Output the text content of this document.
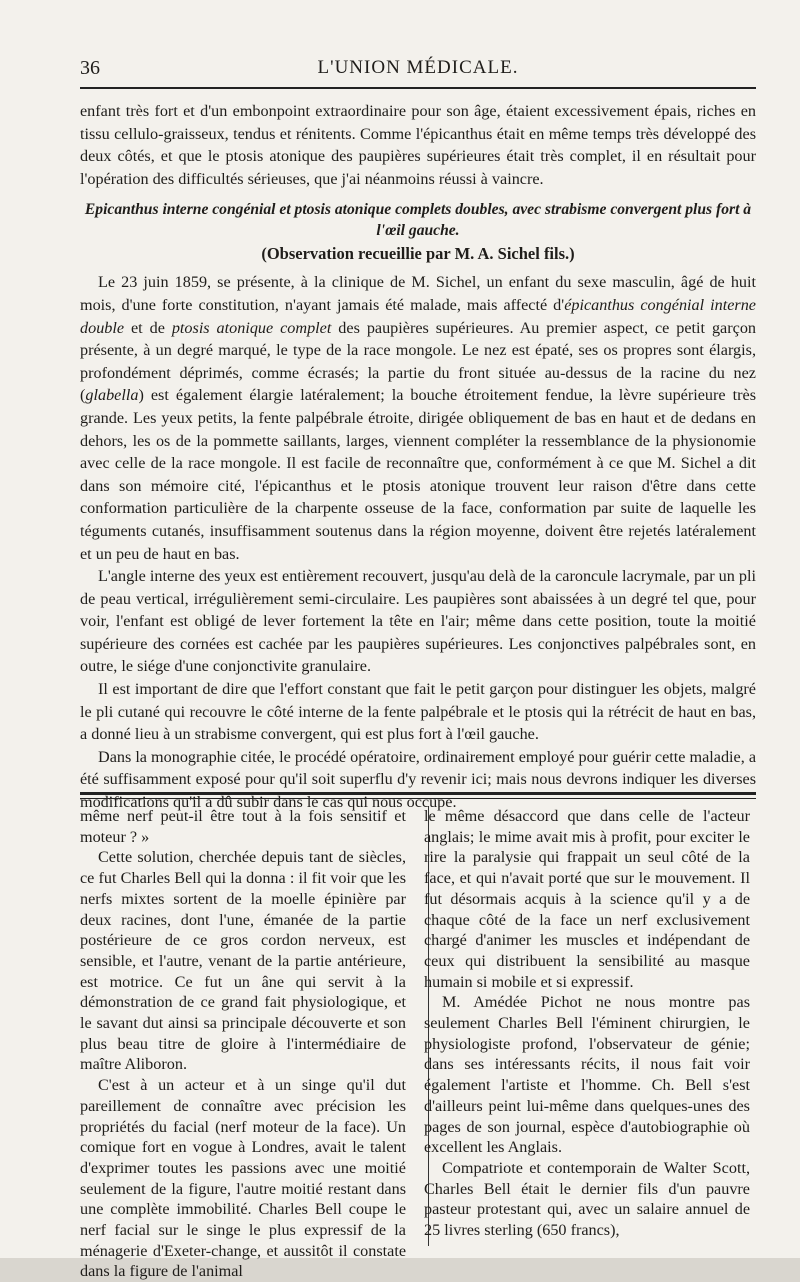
36	L'UNION MÉDICALE.

enfant très fort et d'un embonpoint extraordinaire pour son âge, étaient excessivement épais, riches en tissu cellulo-graisseux, tendus et rénitents. Comme l'épicanthus était en même temps très développé des deux côtés, et que le ptosis atonique des paupières supérieures était très complet, il en résultait pour l'opération des difficultés sérieuses, que j'ai néanmoins réussi à vaincre.

Epicanthus interne congénial et ptosis atonique complets doubles, avec strabisme convergent plus fort à l'œil gauche.

(Observation recueillie par M. A. Sichel fils.)

Le 23 juin 1859, se présente, à la clinique de M. Sichel, un enfant du sexe masculin, âgé de huit mois, d'une forte constitution, n'ayant jamais été malade, mais affecté d'épicanthus congénial interne double et de ptosis atonique complet des paupières supérieures. Au premier aspect, ce petit garçon présente, à un degré marqué, le type de la race mongole. Le nez est épaté, ses os propres sont élargis, profondément déprimés, comme écrasés; la partie du front située au-dessus de la racine du nez (glabella) est également élargie latéralement; la bouche étroitement fendue, la lèvre supérieure très grande. Les yeux petits, la fente palpébrale étroite, dirigée obliquement de bas en haut et de dedans en dehors, les os de la pommette saillants, larges, viennent compléter la ressemblance de la physionomie avec celle de la race mongole. Il est facile de reconnaître que, conformément à ce que M. Sichel a dit dans son mémoire cité, l'épicanthus et le ptosis atonique trouvent leur raison d'être dans cette conformation particulière de la charpente osseuse de la face, conformation par suite de laquelle les téguments cutanés, insuffisamment soutenus dans la région moyenne, doivent être rejetés latéralement et un peu de haut en bas.

L'angle interne des yeux est entièrement recouvert, jusqu'au delà de la caroncule lacrymale, par un pli de peau vertical, irrégulièrement semi-circulaire. Les paupières sont abaissées à un degré tel que, pour voir, l'enfant est obligé de lever fortement la tête en l'air; même dans cette position, toute la moitié supérieure des cornées est cachée par les paupières supérieures. Les conjonctives palpébrales sont, en outre, le siége d'une conjonctivite granulaire.

Il est important de dire que l'effort constant que fait le petit garçon pour distinguer les objets, malgré le pli cutané qui recouvre le côté interne de la fente palpébrale et le ptosis qui la rétrécit de haut en bas, a donné lieu à un strabisme convergent, qui est plus fort à l'œil gauche.

Dans la monographie citée, le procédé opératoire, ordinairement employé pour guérir cette maladie, a été suffisamment exposé pour qu'il soit superflu d'y revenir ici; mais nous devrons indiquer les diverses modifications qu'il a dû subir dans le cas qui nous occupe.

même nerf peut-il être tout à la fois sensitif et moteur ? »

Cette solution, cherchée depuis tant de siècles, ce fut Charles Bell qui la donna : il fit voir que les nerfs mixtes sortent de la moelle épinière par deux racines, dont l'une, émanée de la partie postérieure de ce gros cordon nerveux, est sensible, et l'autre, venant de la partie antérieure, est motrice. Ce fut un âne qui servit à la démonstration de ce grand fait physiologique, et le savant dut ainsi sa principale découverte et son plus beau titre de gloire à l'intermédiaire de maître Aliboron.

C'est à un acteur et à un singe qu'il dut pareillement de connaître avec précision les propriétés du facial (nerf moteur de la face). Un comique fort en vogue à Londres, avait le talent d'exprimer toutes les passions avec une moitié seulement de la figure, l'autre moitié restant dans une complète immobilité. Charles Bell coupe le nerf facial sur le singe le plus expressif de la ménagerie d'Exeter-change, et aussitôt il constate dans la figure de l'animal

le même désaccord que dans celle de l'acteur anglais; le mime avait mis à profit, pour exciter le rire la paralysie qui frappait un seul côté de la face, et qui n'avait porté que sur le mouvement. Il fut désormais acquis à la science qu'il y a de chaque côté de la face un nerf exclusivement chargé d'animer les muscles et indépendant de ceux qui distribuent la sensibilité au masque humain si mobile et si expressif.

M. Amédée Pichot ne nous montre pas seulement Charles Bell l'éminent chirurgien, le physiologiste profond, l'observateur de génie; dans ses intéressants récits, il nous fait voir également l'artiste et l'homme. Ch. Bell s'est d'ailleurs peint lui-même dans quelques-unes des pages de son journal, espèce d'autobiographie où excellent les Anglais.

Compatriote et contemporain de Walter Scott, Charles Bell était le dernier fils d'un pauvre pasteur protestant qui, avec un salaire annuel de 25 livres sterling (650 francs),
